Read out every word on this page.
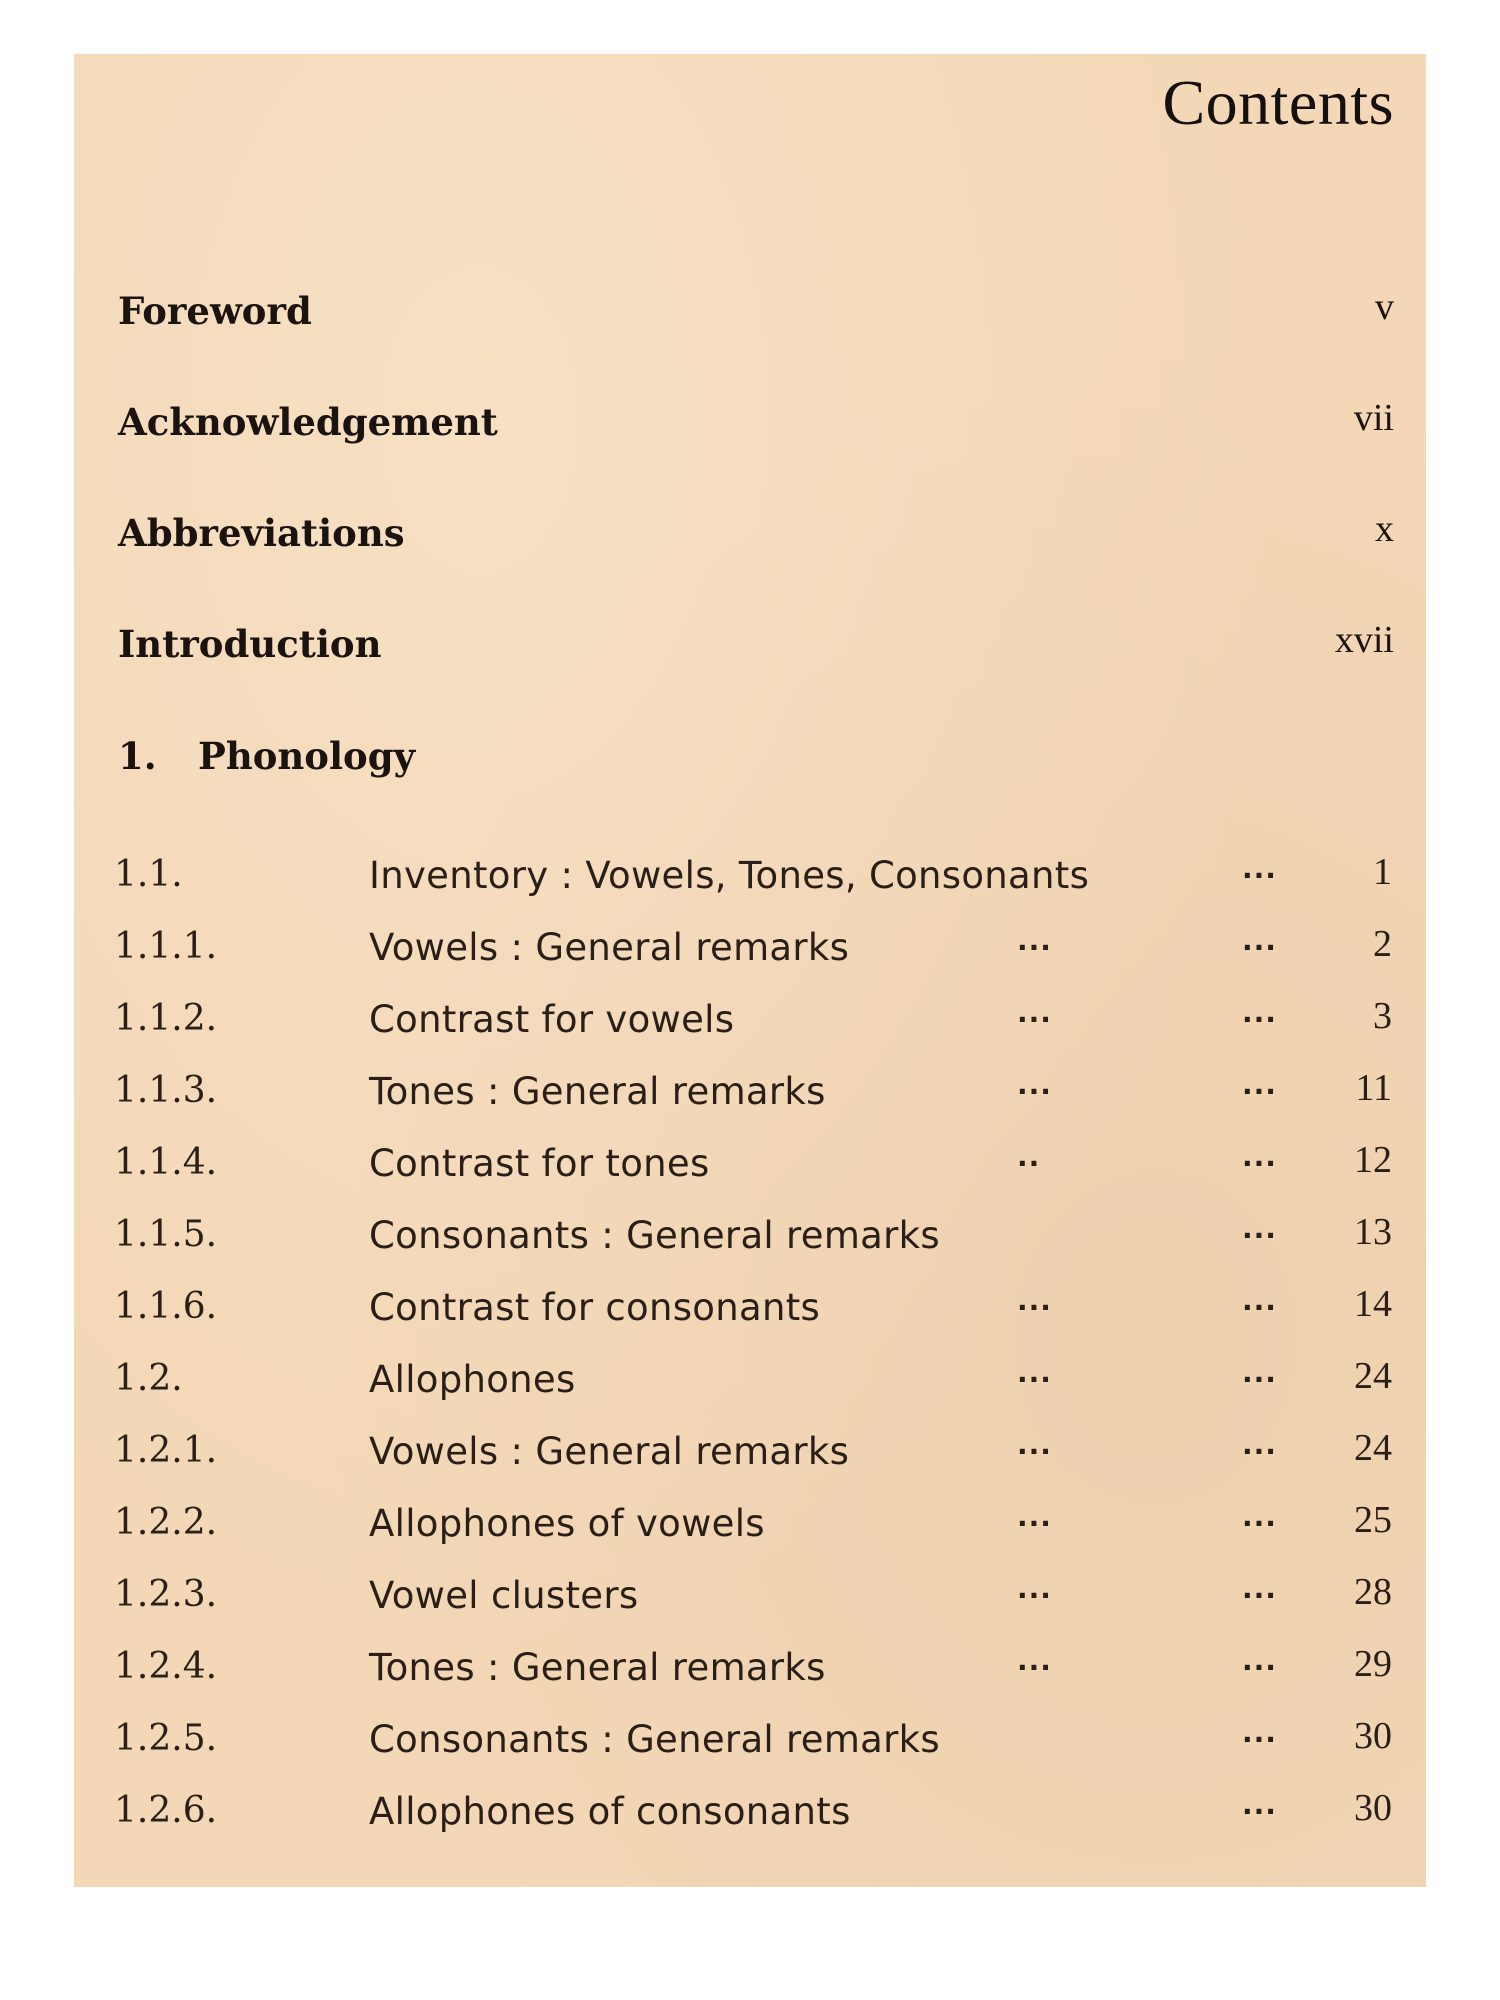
Contents
Foreword	v
Acknowledgement	vii
Abbreviations	x
Introduction	xvii
1. Phonology
1.1.	Inventory : Vowels, Tones, Consonants	...	1
1.1.1.	Vowels : General remarks	...	...	2
1.1.2.	Contrast for vowels	...	...	3
1.1.3.	Tones : General remarks	...	... 11
1.1.4.	Contrast for tones	..	... 12
1.1.5.	Consonants : General remarks	... 13
1.1.6.	Contrast for consonants	...	... 14
1.2.	Allophones	...	... 24
1.2.1.	Vowels : General remarks	...	... 24
1.2.2.	Allophones of vowels	...	... 25
1.2.3.	Vowel clusters	...	... 28
1.2.4.	Tones : General remarks	...	... 29
1.2.5.	Consonants : General remarks	... 30
1.2.6.	Allophones of consonants	... 30
